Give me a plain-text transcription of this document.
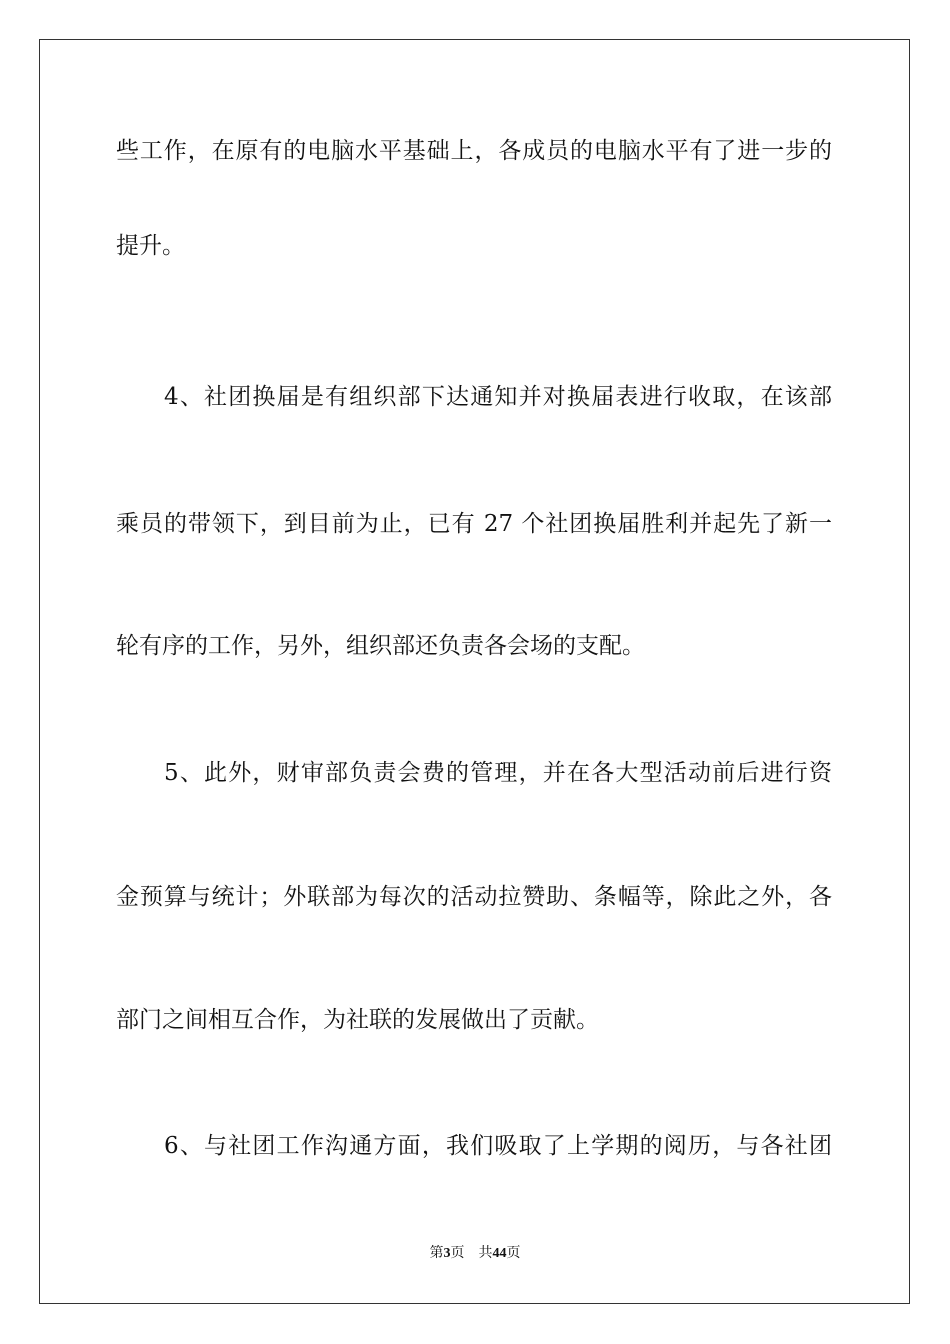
些工作，在原有的电脑水平基础上，各成员的电脑水平有了进一步的
提升。
4、社团换届是有组织部下达通知并对换届表进行收取，在该部
乘员的带领下，到目前为止，已有 27 个社团换届胜利并起先了新一
轮有序的工作，另外，组织部还负责各会场的支配。
5、此外，财审部负责会费的管理，并在各大型活动前后进行资
金预算与统计；外联部为每次的活动拉赞助、条幅等，除此之外，各
部门之间相互合作，为社联的发展做出了贡献。
6、与社团工作沟通方面，我们吸取了上学期的阅历，与各社团
第3页 共44页
